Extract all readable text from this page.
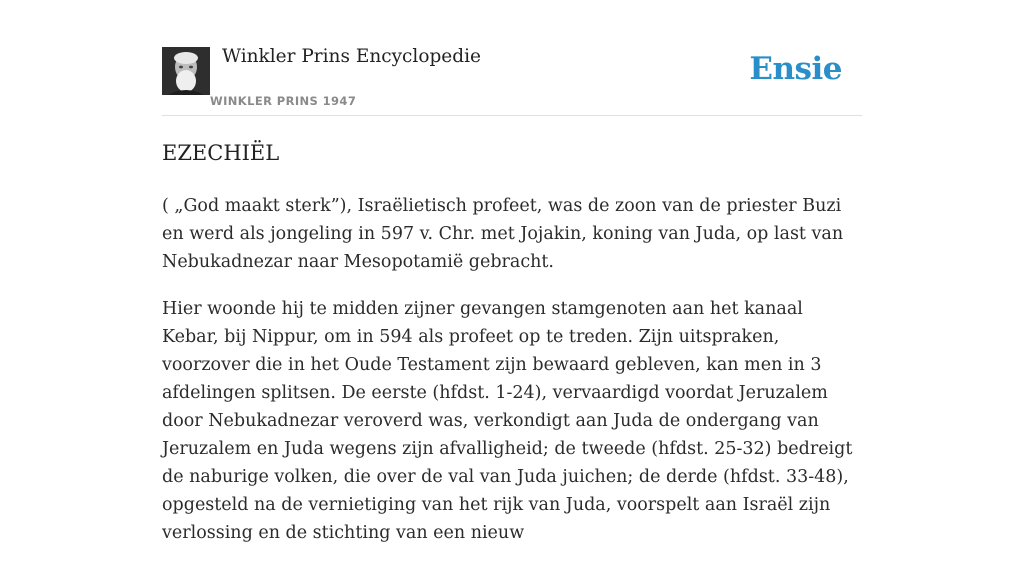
Winkler Prins Encyclopedie
WINKLER PRINS 1947
Ensie
EZECHIËL

( „God maakt sterk”), Israëlietisch profeet, was de zoon van de priester Buzi en werd als jongeling in 597 v. Chr. met Jojakin, koning van Juda, op last van Nebukadnezar naar Mesopotamië gebracht.

Hier woonde hij te midden zijner gevangen stamgenoten aan het kanaal Kebar, bij Nippur, om in 594 als profeet op te treden. Zijn uitspraken, voorzover die in het Oude Testament zijn bewaard gebleven, kan men in 3 afdelingen splitsen. De eerste (hfdst. 1-24), vervaardigd voordat Jeruzalem door Nebukadnezar veroverd was, verkondigt aan Juda de ondergang van Jeruzalem en Juda wegens zijn afvalligheid; de tweede (hfdst. 25-32) bedreigt de naburige volken, die over de val van Juda juichen; de derde (hfdst. 33-48), opgesteld na de vernietiging van het rijk van Juda, voorspelt aan Israël zijn verlossing en de stichting van een nieuw
